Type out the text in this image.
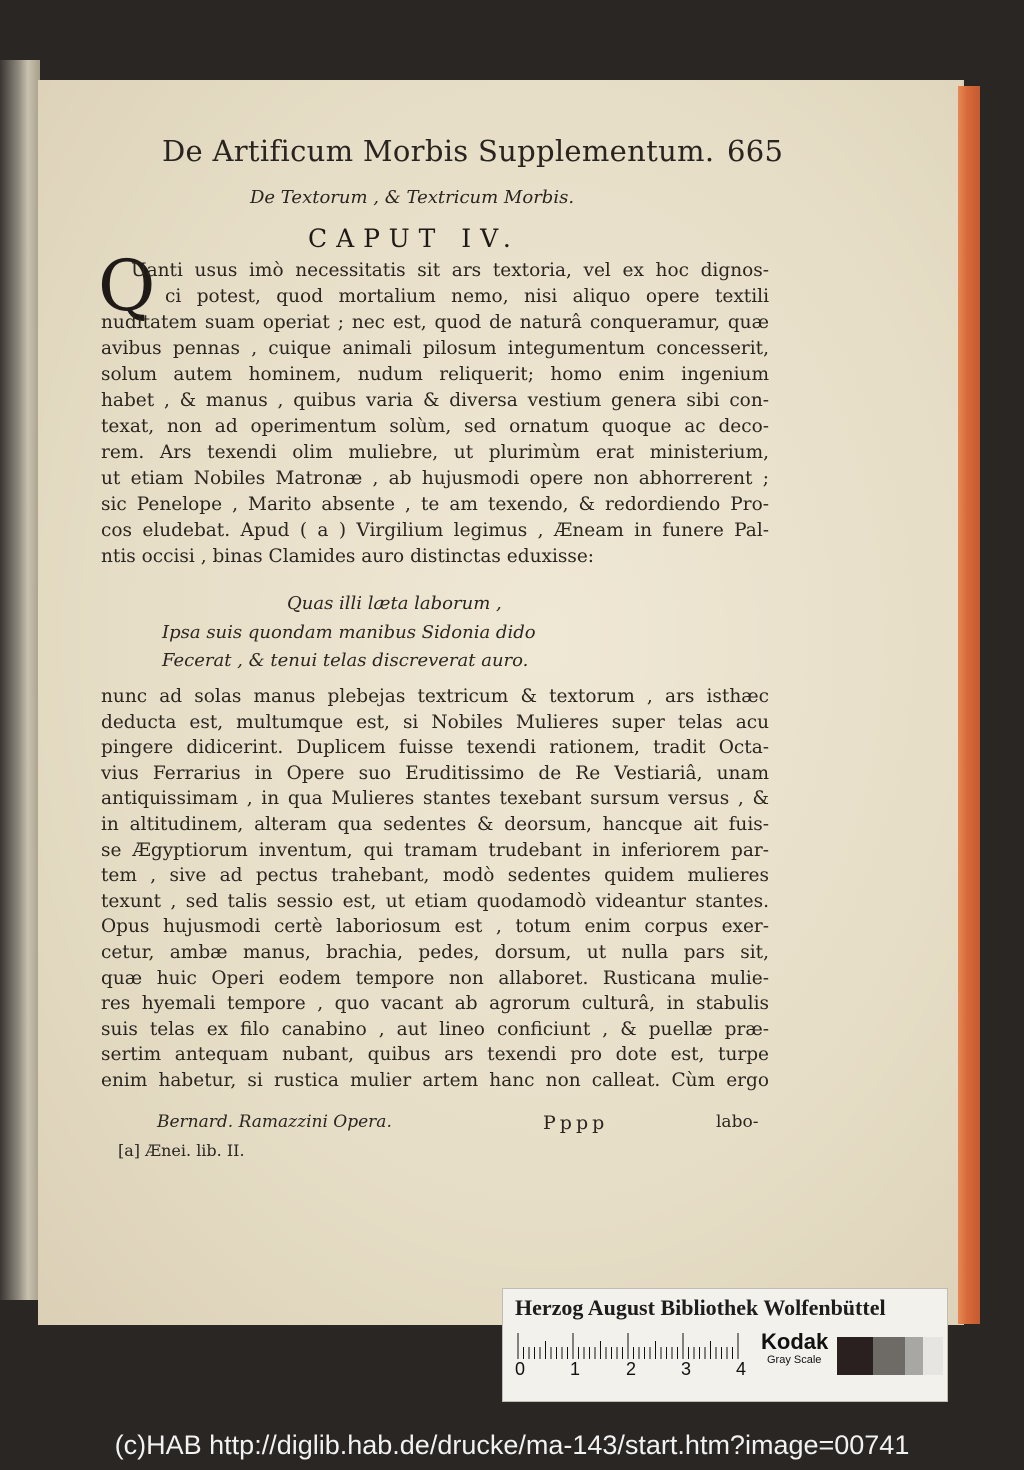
De Artificum Morbis Supplementum. 665
De Textorum , & Textricum Morbis.
CAPUT IV.
Q
Uanti usus imò necessitatis sit ars textoria, vel ex hoc dignos-
ci potest, quod mortalium nemo, nisi aliquo opere textili
nuditatem suam operiat ; nec est, quod de naturâ conqueramur, quæ
avibus pennas , cuique animali pilosum integumentum concesserit,
solum autem hominem, nudum reliquerit; homo enim ingenium
habet , & manus , quibus varia & diversa vestium genera sibi con-
texat, non ad operimentum solùm, sed ornatum quoque ac deco-
rem. Ars texendi olim muliebre, ut plurimùm erat ministerium,
ut etiam Nobiles Matronæ , ab hujusmodi opere non abhorrerent ;
sic Penelope , Marito absente , te am texendo, & redordiendo Pro-
cos eludebat. Apud ( a ) Virgilium legimus , Æneam in funere Pal-
ntis occisi , binas Clamides auro distinctas eduxisse:
Quas illi læta laborum ,
Ipsa suis quondam manibus Sidonia dido
Fecerat , & tenui telas discreverat auro.
nunc ad solas manus plebejas textricum & textorum , ars isthæc
deducta est, multumque est, si Nobiles Mulieres super telas acu
pingere didicerint. Duplicem fuisse texendi rationem, tradit Octa-
vius Ferrarius in Opere suo Eruditissimo de Re Vestiariâ, unam
antiquissimam , in qua Mulieres stantes texebant sursum versus , &
in altitudinem, alteram qua sedentes & deorsum, hancque ait fuis-
se Ægyptiorum inventum, qui tramam trudebant in inferiorem par-
tem , sive ad pectus trahebant, modò sedentes quidem mulieres
texunt , sed talis sessio est, ut etiam quodamodò videantur stantes.
Opus hujusmodi certè laboriosum est , totum enim corpus exer-
cetur, ambæ manus, brachia, pedes, dorsum, ut nulla pars sit,
quæ huic Operi eodem tempore non allaboret. Rusticana mulie-
res hyemali tempore , quo vacant ab agrorum culturâ, in stabulis
suis telas ex filo canabino , aut lineo conficiunt , & puellæ præ-
sertim antequam nubant, quibus ars texendi pro dote est, turpe
enim habetur, si rustica mulier artem hanc non calleat. Cùm ergo
Bernard. Ramazzini Opera.	Pppp	labo-
[a] Ænei. lib. II.
Herzog August Bibliothek Wolfenbüttel
0 1	2 3 4
Kodak
Gray Scale
(c)HAB http://diglib.hab.de/drucke/ma-143/start.htm?image=00741
